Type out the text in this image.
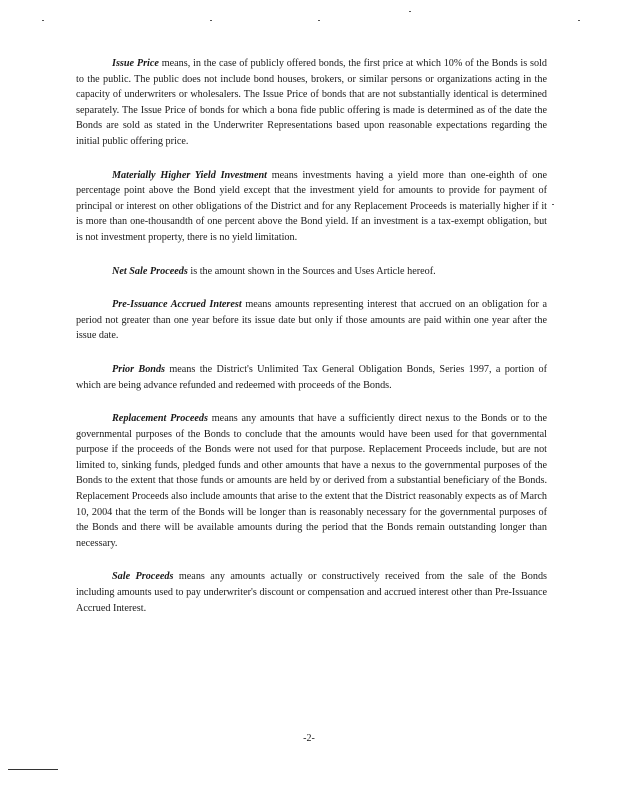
Issue Price means, in the case of publicly offered bonds, the first price at which 10% of the Bonds is sold to the public. The public does not include bond houses, brokers, or similar persons or organizations acting in the capacity of underwriters or wholesalers. The Issue Price of bonds that are not substantially identical is determined separately. The Issue Price of bonds for which a bona fide public offering is made is determined as of the date the Bonds are sold as stated in the Underwriter Representations based upon reasonable expectations regarding the initial public offering price.

Materially Higher Yield Investment means investments having a yield more than one-eighth of one percentage point above the Bond yield except that the investment yield for amounts to provide for payment of principal or interest on other obligations of the District and for any Replacement Proceeds is materially higher if it is more than one-thousandth of one percent above the Bond yield. If an investment is a tax-exempt obligation, but is not investment property, there is no yield limitation.

Net Sale Proceeds is the amount shown in the Sources and Uses Article hereof.

Pre-Issuance Accrued Interest means amounts representing interest that accrued on an obligation for a period not greater than one year before its issue date but only if those amounts are paid within one year after the issue date.

Prior Bonds means the District's Unlimited Tax General Obligation Bonds, Series 1997, a portion of which are being advance refunded and redeemed with proceeds of the Bonds.

Replacement Proceeds means any amounts that have a sufficiently direct nexus to the Bonds or to the governmental purposes of the Bonds to conclude that the amounts would have been used for that governmental purpose if the proceeds of the Bonds were not used for that purpose. Replacement Proceeds include, but are not limited to, sinking funds, pledged funds and other amounts that have a nexus to the governmental purposes of the Bonds to the extent that those funds or amounts are held by or derived from a substantial beneficiary of the Bonds. Replacement Proceeds also include amounts that arise to the extent that the District reasonably expects as of March 10, 2004 that the term of the Bonds will be longer than is reasonably necessary for the governmental purposes of the Bonds and there will be available amounts during the period that the Bonds remain outstanding longer than necessary.

Sale Proceeds means any amounts actually or constructively received from the sale of the Bonds including amounts used to pay underwriter's discount or compensation and accrued interest other than Pre-Issuance Accrued Interest.

-2-
